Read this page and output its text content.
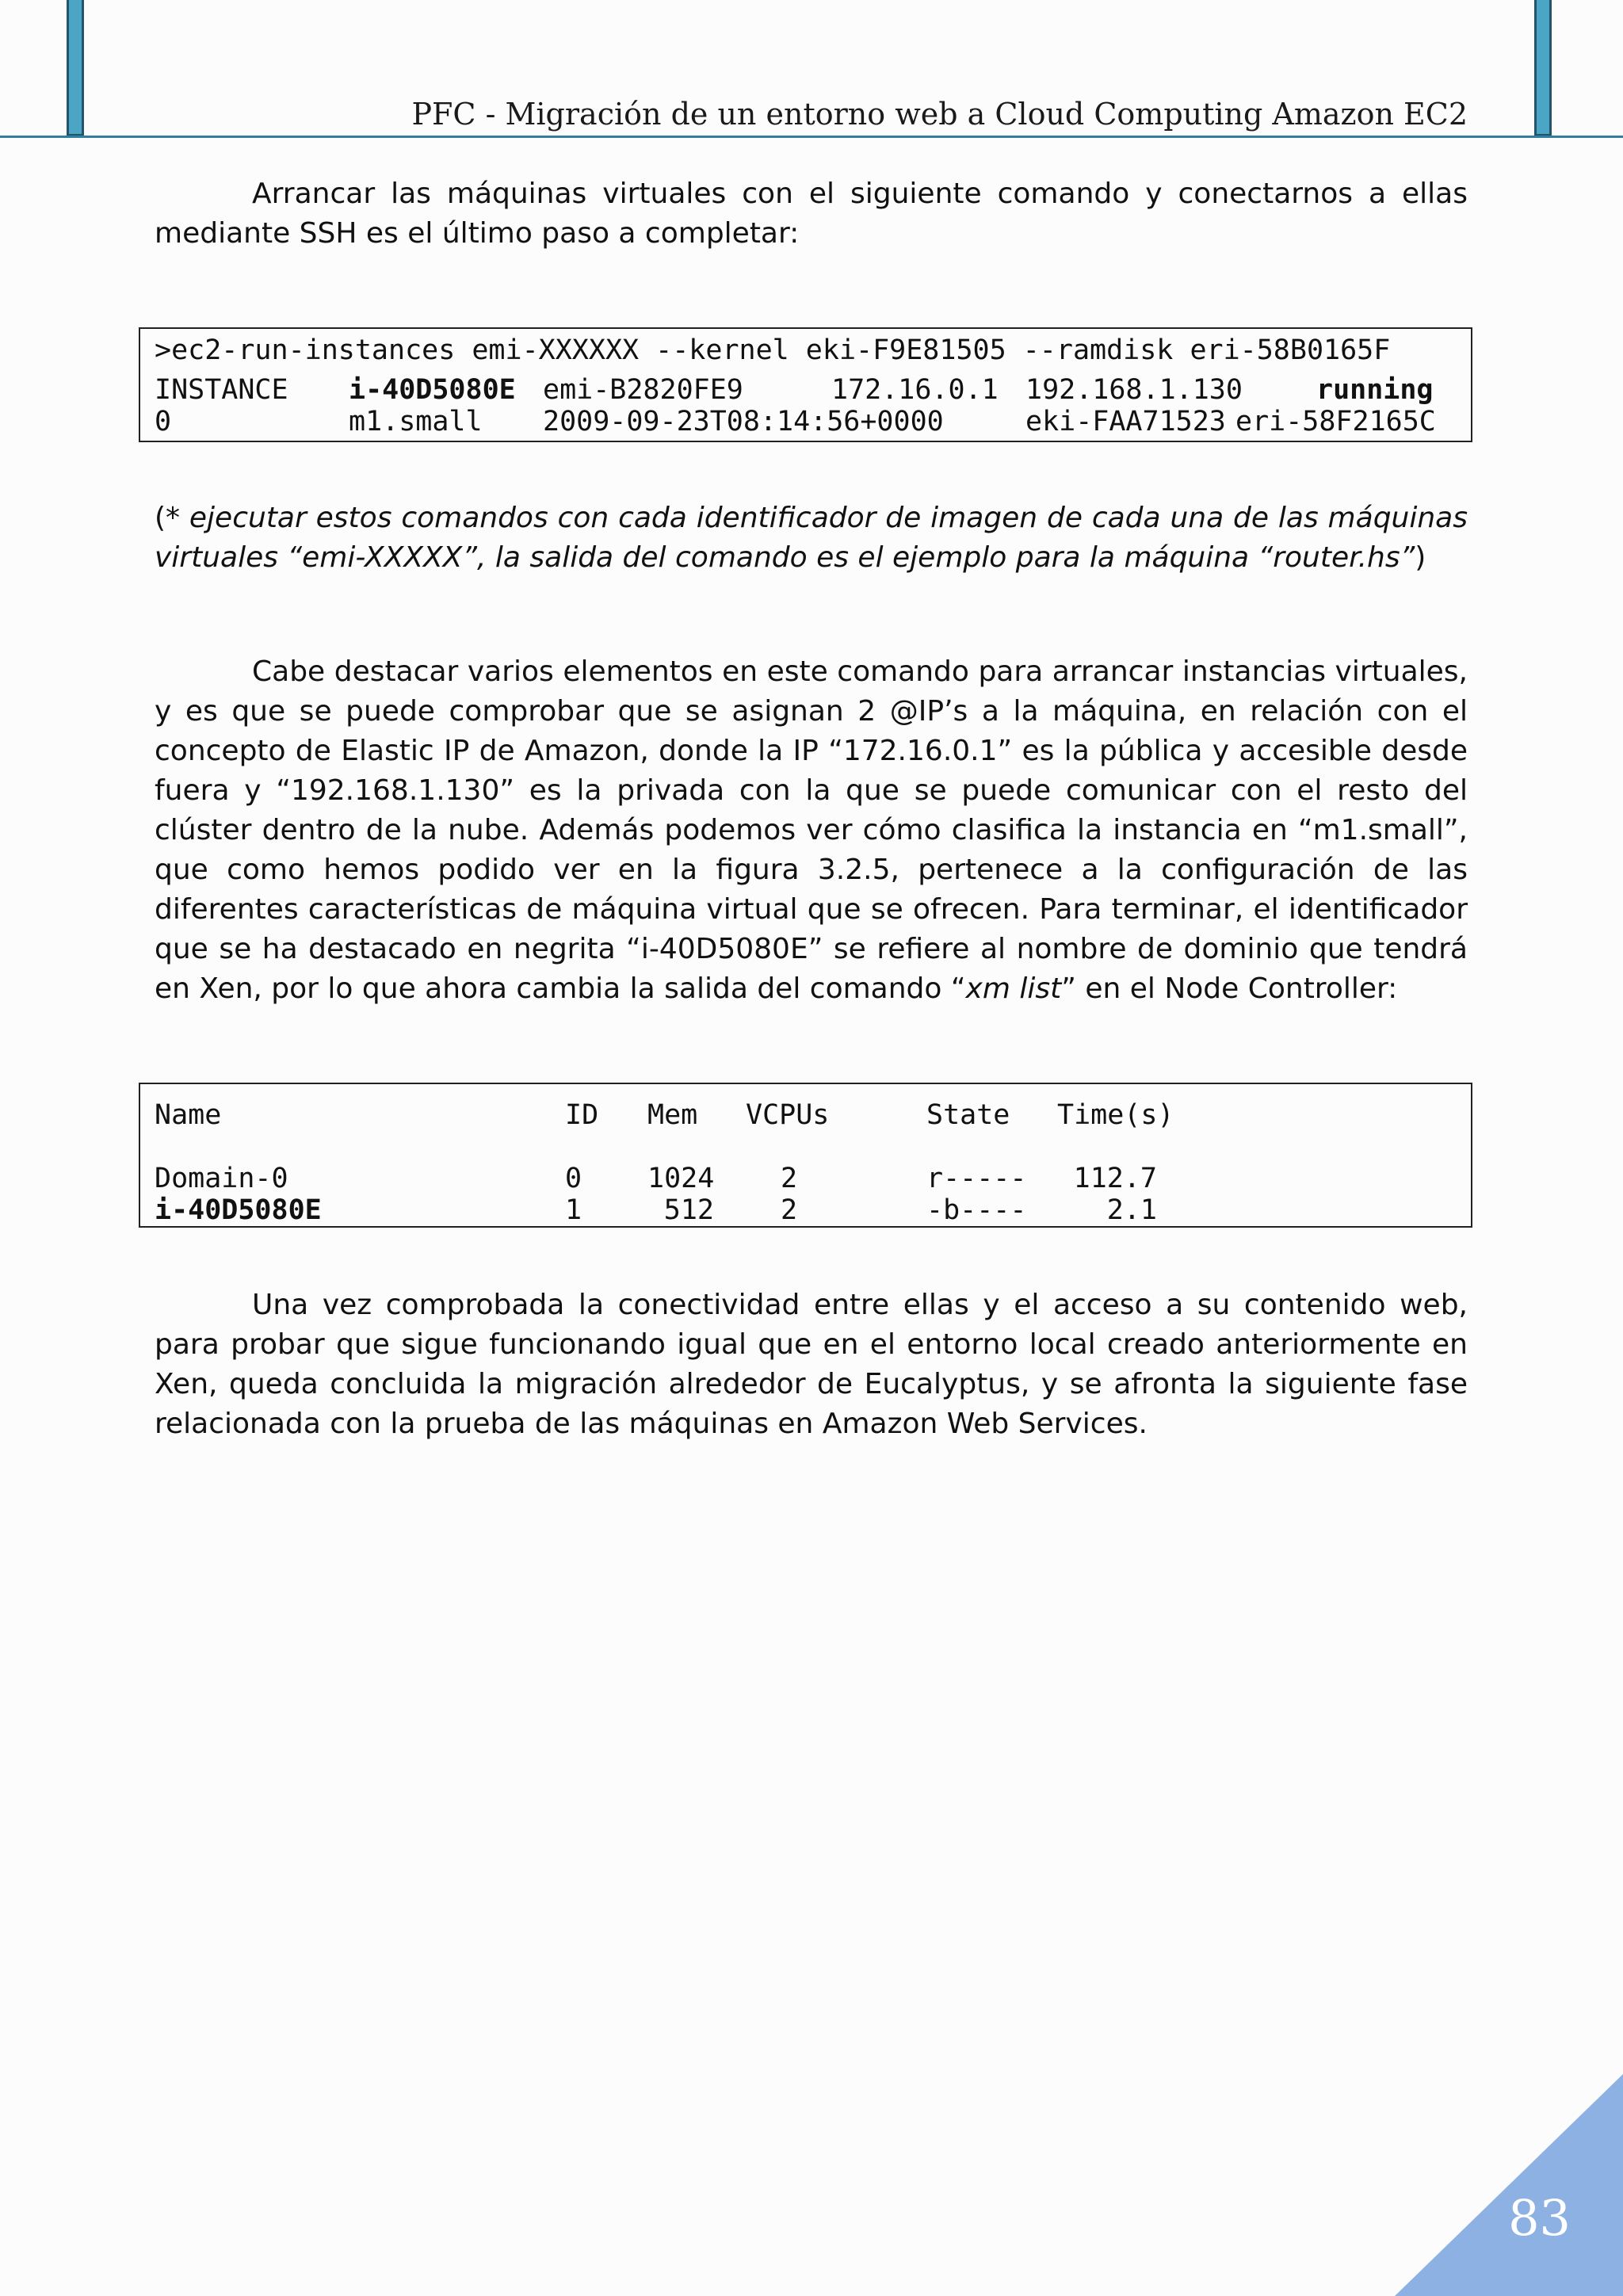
PFC - Migración de un entorno web a Cloud Computing Amazon EC2

Arrancar las máquinas virtuales con el siguiente comando y conectarnos a ellas mediante SSH es el último paso a completar:

>ec2-run-instances emi-XXXXXX --kernel eki-F9E81505 --ramdisk eri-58B0165F
INSTANCE i-40D5080E emi-B2820FE9	172.16.0.1 192.168.1.130	running
0	m1.small 2009-09-23T08:14:56+0000	eki-FAA71523 eri-58F2165C

(* ejecutar estos comandos con cada identificador de imagen de cada una de las máquinas virtuales “emi-XXXXX”, la salida del comando es el ejemplo para la máquina “router.hs”)

Cabe destacar varios elementos en este comando para arrancar instancias virtuales, y es que se puede comprobar que se asignan 2 @IP’s a la máquina, en relación con el concepto de Elastic IP de Amazon, donde la IP “172.16.0.1” es la pública y accesible desde fuera y “192.168.1.130” es la privada con la que se puede comunicar con el resto del clúster dentro de la nube. Además podemos ver cómo clasifica la instancia en “m1.small”, que como hemos podido ver en la figura 3.2.5, pertenece a la configuración de las diferentes características de máquina virtual que se ofrecen. Para terminar, el identificador que se ha destacado en negrita “i-40D5080E” se refiere al nombre de dominio que tendrá en Xen, por lo que ahora cambia la salida del comando “xm list” en el Node Controller:

Name	ID Mem VCPUs	State Time(s)
Domain-0	0 1024 2	r-----	112.7
i-40D5080E	1	512 2	-b----	2.1

Una vez comprobada la conectividad entre ellas y el acceso a su contenido web, para probar que sigue funcionando igual que en el entorno local creado anteriormente en Xen, queda concluida la migración alrededor de Eucalyptus, y se afronta la siguiente fase relacionada con la prueba de las máquinas en Amazon Web Services.

83
